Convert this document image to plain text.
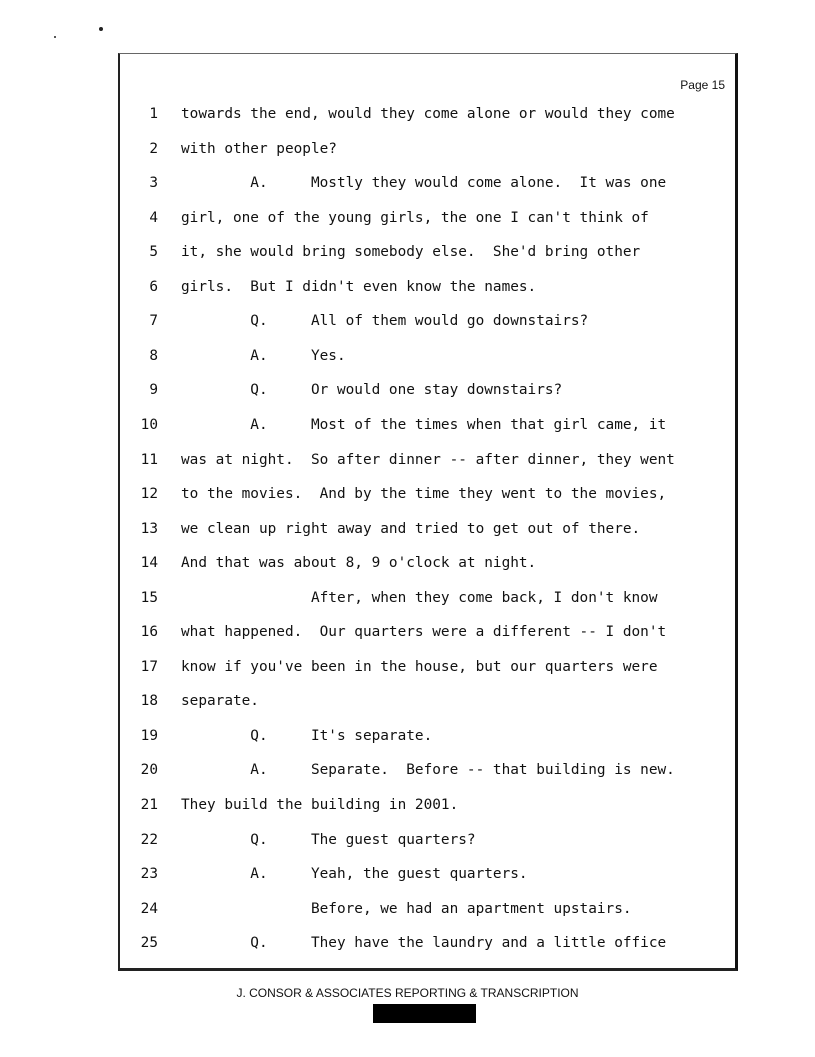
Page 15
1 towards the end, would they come alone or would they come
2 with other people?
3 A.     Mostly they would come alone.  It was one
4 girl, one of the young girls, the one I can't think of
5 it, she would bring somebody else.  She'd bring other
6 girls.  But I didn't even know the names.
7 Q.     All of them would go downstairs?
8 A.     Yes.
9 Q.     Or would one stay downstairs?
10 A.     Most of the times when that girl came, it
11 was at night.  So after dinner -- after dinner, they went
12 to the movies.  And by the time they went to the movies,
13 we clean up right away and tried to get out of there.
14 And that was about 8, 9 o'clock at night.
15 After, when they come back, I don't know
16 what happened.  Our quarters were a different -- I don't
17 know if you've been in the house, but our quarters were
18 separate.
19 Q.     It's separate.
20 A.     Separate.  Before -- that building is new.
21 They build the building in 2001.
22 Q.     The guest quarters?
23 A.     Yeah, the guest quarters.
24 Before, we had an apartment upstairs.
25 Q.     They have the laundry and a little office
J. CONSOR & ASSOCIATES REPORTING & TRANSCRIPTION
